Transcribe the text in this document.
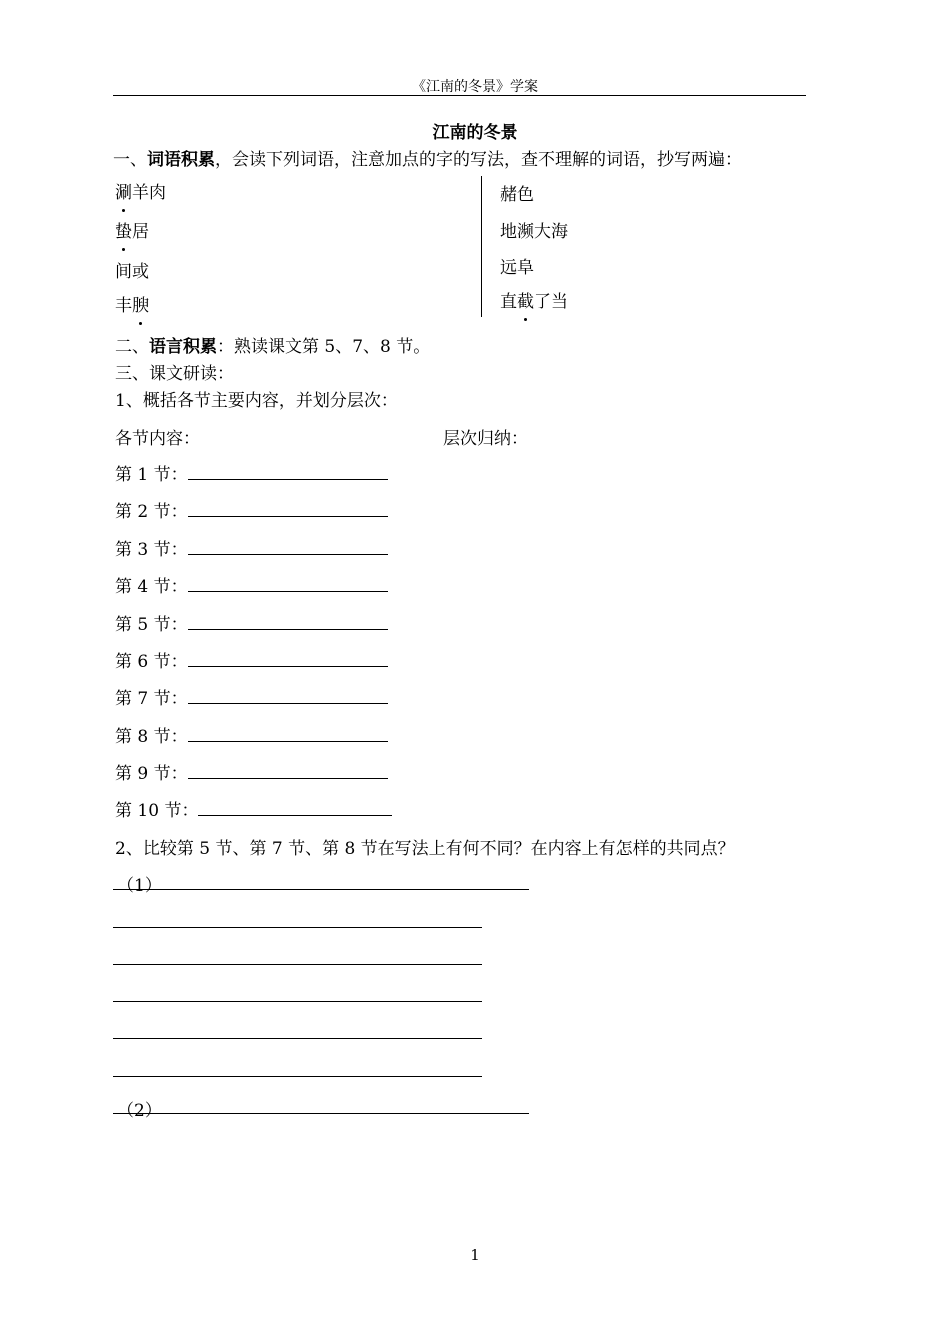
《江南的冬景》学案
江南的冬景
一、词语积累，会读下列词语，注意加点的字的写法，查不理解的词语，抄写两遍：
涮羊肉
蛰居
间或
丰腴
赭色
地濒大海
远阜
直截了当
二、语言积累：熟读课文第 5、7、8 节。
三、课文研读：
1、概括各节主要内容，并划分层次：
各节内容：	层次归纳：
第 1 节：
第 2 节：
第 3 节：
第 4 节：
第 5 节：
第 6 节：
第 7 节：
第 8 节：
第 9 节：
第 10 节：
2、比较第 5 节、第 7 节、第 8 节在写法上有何不同？在内容上有怎样的共同点？
（1）
（2）
1
